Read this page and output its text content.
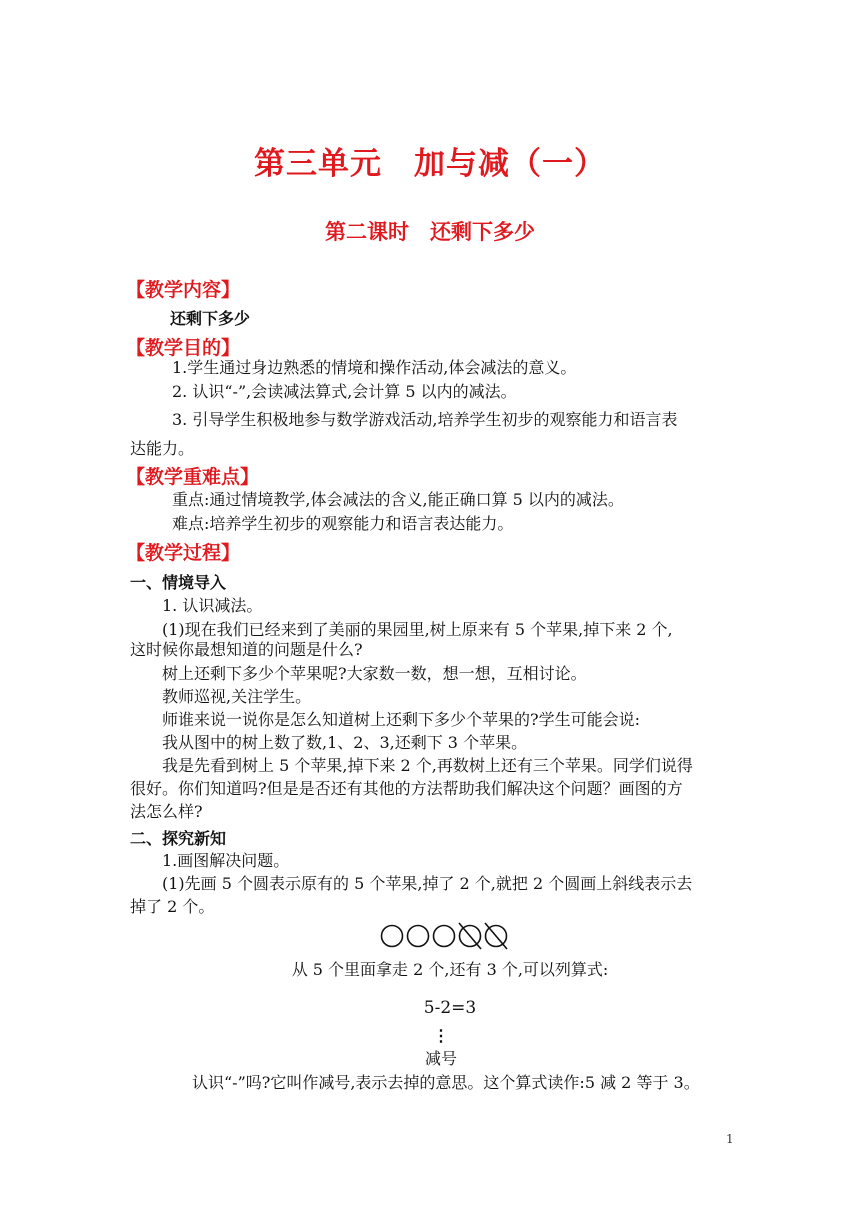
第三单元　加与减（一）
第二课时　还剩下多少
【教学内容】
还剩下多少
【教学目的】
1.学生通过身边熟悉的情境和操作活动,体会减法的意义。
2. 认识“-”,会读减法算式,会计算 5 以内的减法。
3. 引导学生积极地参与数学游戏活动,培养学生初步的观察能力和语言表
达能力。
【教学重难点】
重点:通过情境教学,体会减法的含义,能正确口算 5 以内的减法。
难点:培养学生初步的观察能力和语言表达能力。
【教学过程】
一、情境导入
1. 认识减法。
(1)现在我们已经来到了美丽的果园里,树上原来有 5 个苹果,掉下来 2 个,
这时候你最想知道的问题是什么?
树上还剩下多少个苹果呢?大家数一数，想一想，互相讨论。
教师巡视,关注学生。
师谁来说一说你是怎么知道树上还剩下多少个苹果的?学生可能会说:
我从图中的树上数了数,1、2、3,还剩下 3 个苹果。
我是先看到树上 5 个苹果,掉下来 2 个,再数树上还有三个苹果。同学们说得
很好。你们知道吗?但是是否还有其他的方法帮助我们解决这个问题？画图的方
法怎么样?
二、探究新知
1.画图解决问题。
(1)先画 5 个圆表示原有的 5 个苹果,掉了 2 个,就把 2 个圆画上斜线表示去
掉了 2 个。
从 5 个里面拿走 2 个,还有 3 个,可以列算式:
5-2=3
⋮
减号
认识“-”吗?它叫作减号,表示去掉的意思。这个算式读作:5 减 2 等于 3。
1
